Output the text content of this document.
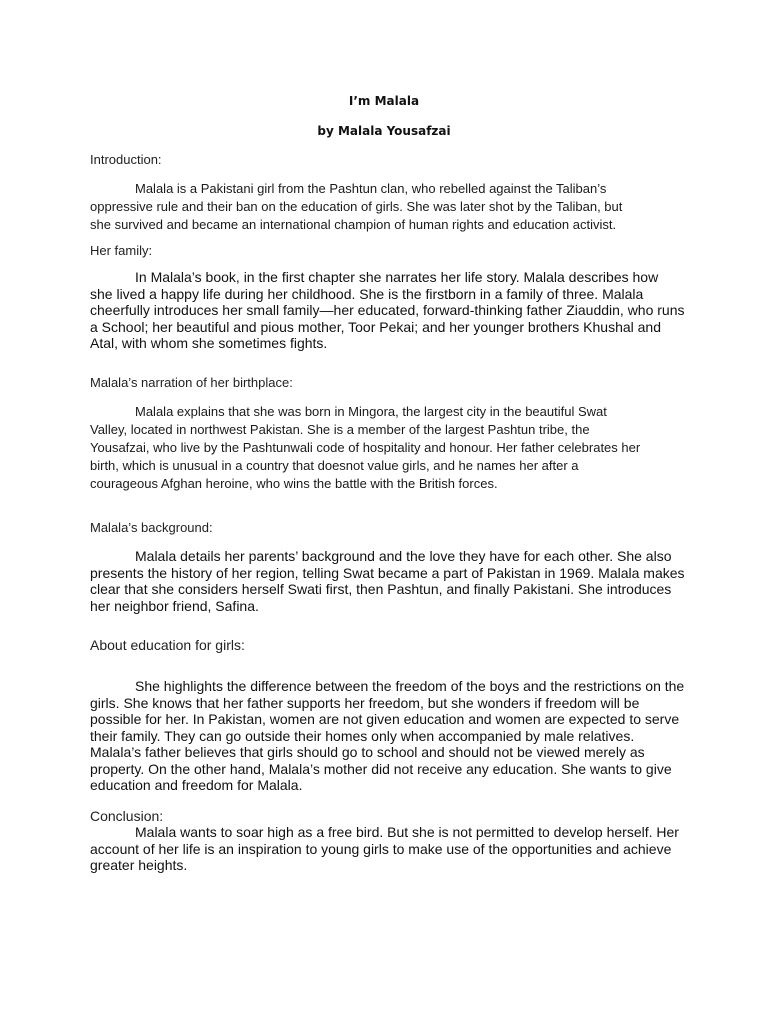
I’m Malala
by Malala Yousafzai
Introduction:
Malala is a Pakistani girl from the Pashtun clan, who rebelled against the Taliban’s
oppressive rule and their ban on the education of girls. She was later shot by the Taliban, but
she survived and became an international champion of human rights and education activist.
Her family:
In Malala’s book, in the first chapter she narrates her life story. Malala describes how
she lived a happy life during her childhood. She is the firstborn in a family of three. Malala
cheerfully introduces her small family—her educated, forward-thinking father Ziauddin, who runs
a School; her beautiful and pious mother, Toor Pekai; and her younger brothers Khushal and
Atal, with whom she sometimes fights.
Malala’s narration of her birthplace:
Malala explains that she was born in Mingora, the largest city in the beautiful Swat
Valley, located in northwest Pakistan. She is a member of the largest Pashtun tribe, the
Yousafzai, who live by the Pashtunwali code of hospitality and honour. Her father celebrates her
birth, which is unusual in a country that doesnot value girls, and he names her after a
courageous Afghan heroine, who wins the battle with the British forces.
Malala’s background:
Malala details her parents’ background and the love they have for each other. She also
presents the history of her region, telling Swat became a part of Pakistan in 1969. Malala makes
clear that she considers herself Swati first, then Pashtun, and finally Pakistani. She introduces
her neighbor friend, Safina.
About education for girls:
She highlights the difference between the freedom of the boys and the restrictions on the
girls. She knows that her father supports her freedom, but she wonders if freedom will be
possible for her. In Pakistan, women are not given education and women are expected to serve
their family. They can go outside their homes only when accompanied by male relatives.
Malala’s father believes that girls should go to school and should not be viewed merely as
property. On the other hand, Malala’s mother did not receive any education. She wants to give
education and freedom for Malala.
Conclusion:
Malala wants to soar high as a free bird. But she is not permitted to develop herself. Her
account of her life is an inspiration to young girls to make use of the opportunities and achieve
greater heights.
